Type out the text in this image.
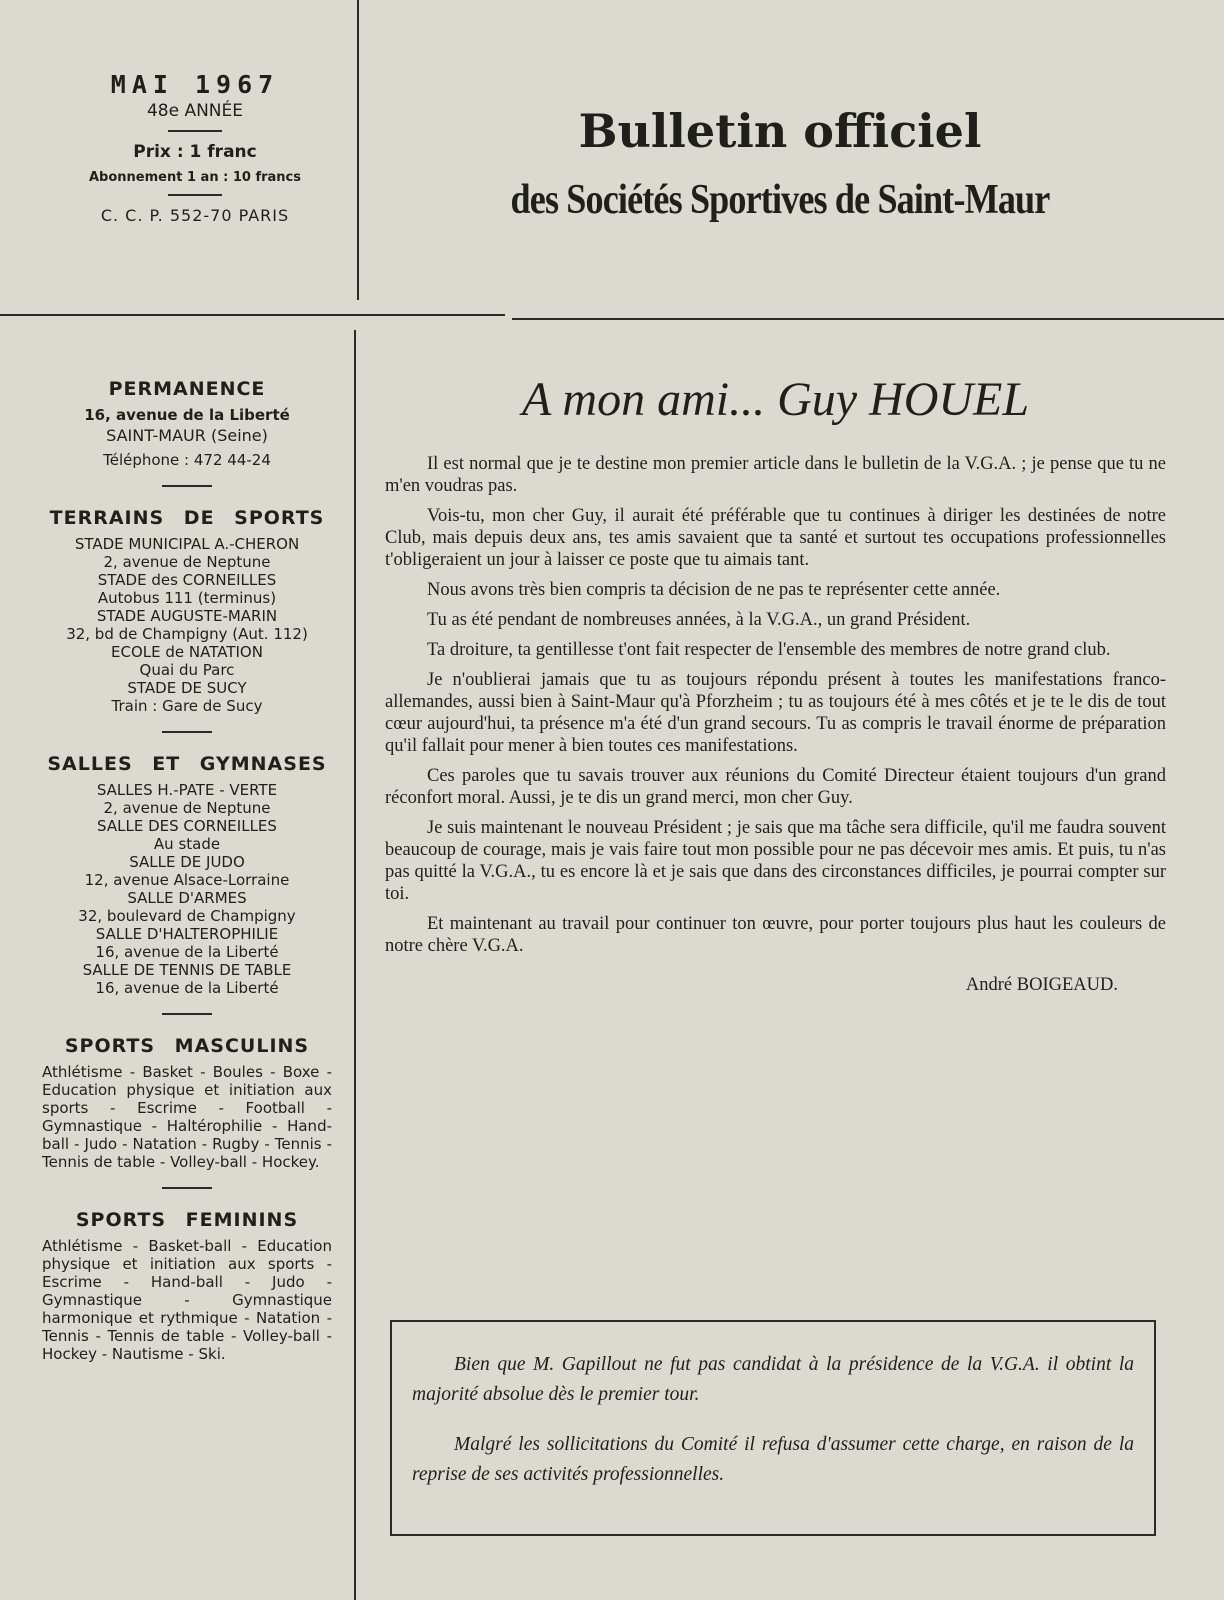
MAI 1967
48e ANNÉE
Prix : 1 franc
Abonnement 1 an : 10 francs
C. C. P. 552-70 PARIS
Bulletin officiel
des Sociétés Sportives de Saint-Maur
PERMANENCE
16, avenue de la Liberté
SAINT-MAUR (Seine)
Téléphone : 472 44-24
TERRAINS DE SPORTS
STADE MUNICIPAL A.-CHERON
2, avenue de Neptune
STADE des CORNEILLES
Autobus 111 (terminus)
STADE AUGUSTE-MARIN
32, bd de Champigny (Aut. 112)
ECOLE de NATATION
Quai du Parc
STADE DE SUCY
Train : Gare de Sucy
SALLES ET GYMNASES
SALLES H.-PATE - VERTE
2, avenue de Neptune
SALLE DES CORNEILLES
Au stade
SALLE DE JUDO
12, avenue Alsace-Lorraine
SALLE D'ARMES
32, boulevard de Champigny
SALLE D'HALTEROPHILIE
16, avenue de la Liberté
SALLE DE TENNIS DE TABLE
16, avenue de la Liberté
SPORTS MASCULINS
Athlétisme - Basket - Boules - Boxe - Education physique et initiation aux sports - Escrime - Football - Gymnastique - Haltérophilie - Hand-ball - Judo - Natation - Rugby - Tennis - Tennis de table - Volley-ball - Hockey.
SPORTS FEMININS
Athlétisme - Basket-ball - Education physique et initiation aux sports - Escrime - Hand-ball - Judo - Gymnastique - Gymnastique harmonique et rythmique - Natation - Tennis - Tennis de table - Volley-ball - Hockey - Nautisme - Ski.
A mon ami... Guy HOUEL

Il est normal que je te destine mon premier article dans le bulletin de la V.G.A. ; je pense que tu ne m'en voudras pas.

Vois-tu, mon cher Guy, il aurait été préférable que tu continues à diriger les destinées de notre Club, mais depuis deux ans, tes amis savaient que ta santé et surtout tes occupations professionnelles t'obligeraient un jour à laisser ce poste que tu aimais tant.

Nous avons très bien compris ta décision de ne pas te représenter cette année.

Tu as été pendant de nombreuses années, à la V.G.A., un grand Président.

Ta droiture, ta gentillesse t'ont fait respecter de l'ensemble des membres de notre grand club.

Je n'oublierai jamais que tu as toujours répondu présent à toutes les manifestations franco-allemandes, aussi bien à Saint-Maur qu'à Pforzheim ; tu as toujours été à mes côtés et je te le dis de tout cœur aujourd'hui, ta présence m'a été d'un grand secours. Tu as compris le travail énorme de préparation qu'il fallait pour mener à bien toutes ces manifestations.

Ces paroles que tu savais trouver aux réunions du Comité Directeur étaient toujours d'un grand réconfort moral. Aussi, je te dis un grand merci, mon cher Guy.

Je suis maintenant le nouveau Président ; je sais que ma tâche sera difficile, qu'il me faudra souvent beaucoup de courage, mais je vais faire tout mon possible pour ne pas décevoir mes amis. Et puis, tu n'as pas quitté la V.G.A., tu es encore là et je sais que dans des circonstances difficiles, je pourrai compter sur toi.

Et maintenant au travail pour continuer ton œuvre, pour porter toujours plus haut les couleurs de notre chère V.G.A.

André BOIGEAUD.

Bien que M. Gapillout ne fut pas candidat à la présidence de la V.G.A. il obtint la majorité absolue dès le premier tour.

Malgré les sollicitations du Comité il refusa d'assumer cette charge, en raison de la reprise de ses activités professionnelles.
